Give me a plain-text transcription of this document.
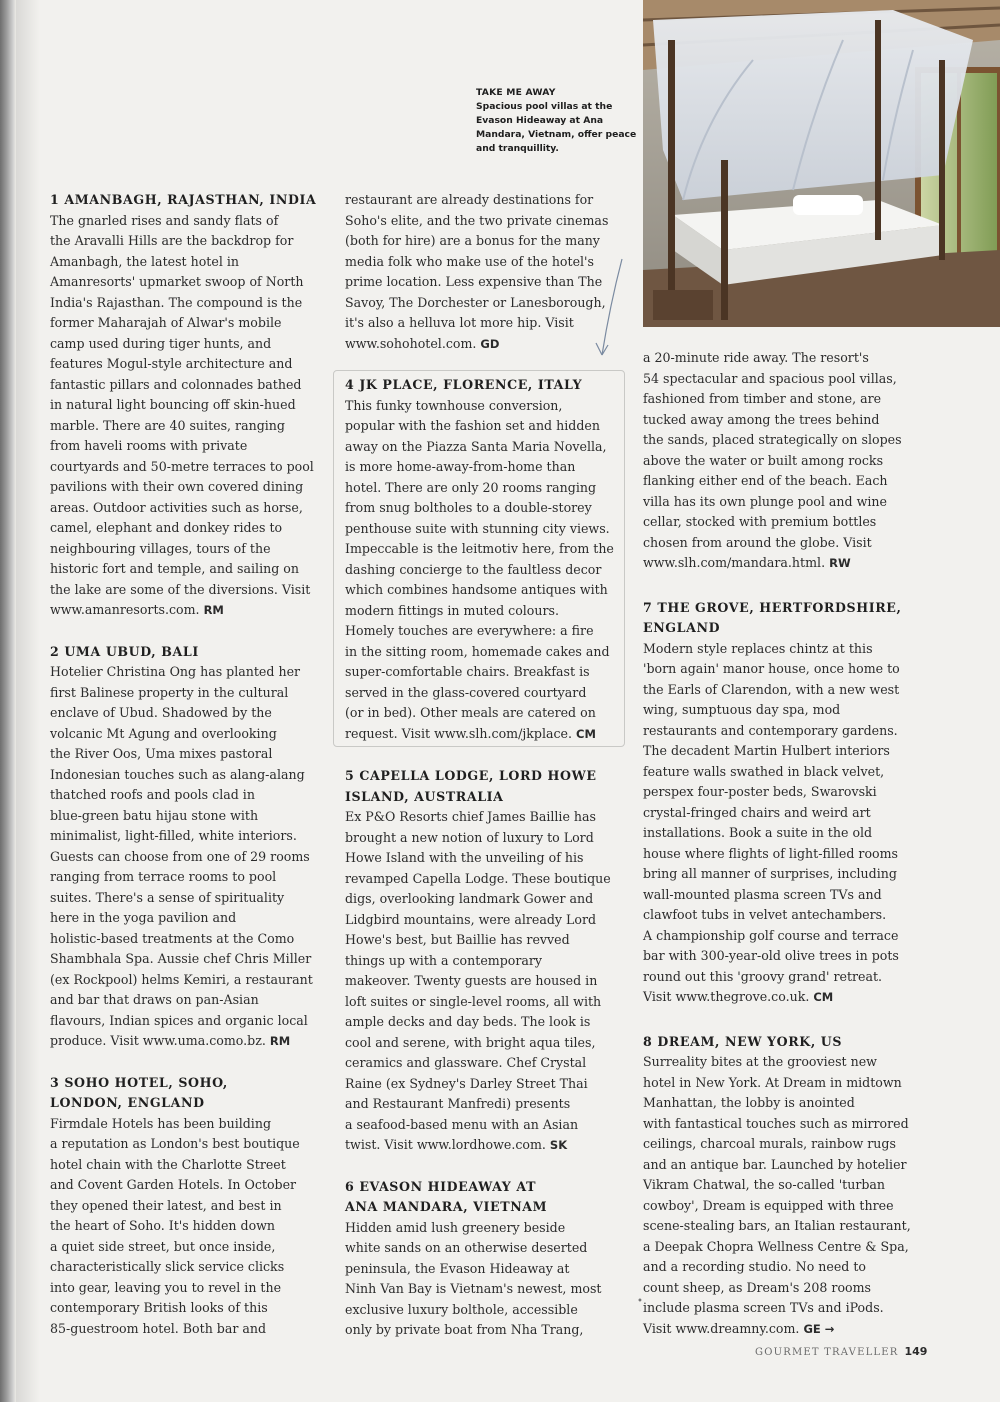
TAKE ME AWAY
Spacious pool villas at the Evason Hideaway at Ana Mandara, Vietnam, offer peace and tranquillity.
1 AMANBAGH, RAJASTHAN, INDIA

The gnarled rises and sandy flats of
the Aravalli Hills are the backdrop for
Amanbagh, the latest hotel in
Amanresorts' upmarket swoop of North
India's Rajasthan. The compound is the
former Maharajah of Alwar's mobile
camp used during tiger hunts, and
features Mogul-style architecture and
fantastic pillars and colonnades bathed
in natural light bouncing off skin-hued
marble. There are 40 suites, ranging
from haveli rooms with private
courtyards and 50-metre terraces to pool
pavilions with their own covered dining
areas. Outdoor activities such as horse,
camel, elephant and donkey rides to
neighbouring villages, tours of the
historic fort and temple, and sailing on
the lake are some of the diversions. Visit
www.amanresorts.com. RM

2 UMA UBUD, BALI

Hotelier Christina Ong has planted her
first Balinese property in the cultural
enclave of Ubud. Shadowed by the
volcanic Mt Agung and overlooking
the River Oos, Uma mixes pastoral
Indonesian touches such as alang-alang
thatched roofs and pools clad in
blue-green batu hijau stone with
minimalist, light-filled, white interiors.
Guests can choose from one of 29 rooms
ranging from terrace rooms to pool
suites. There's a sense of spirituality
here in the yoga pavilion and
holistic-based treatments at the Como
Shambhala Spa. Aussie chef Chris Miller
(ex Rockpool) helms Kemiri, a restaurant
and bar that draws on pan-Asian
flavours, Indian spices and organic local
produce. Visit www.uma.como.bz. RM

3 SOHO HOTEL, SOHO,
LONDON, ENGLAND

Firmdale Hotels has been building
a reputation as London's best boutique
hotel chain with the Charlotte Street
and Covent Garden Hotels. In October
they opened their latest, and best in
the heart of Soho. It's hidden down
a quiet side street, but once inside,
characteristically slick service clicks
into gear, leaving you to revel in the
contemporary British looks of this
85-guestroom hotel. Both bar and

restaurant are already destinations for
Soho's elite, and the two private cinemas
(both for hire) are a bonus for the many
media folk who make use of the hotel's
prime location. Less expensive than The
Savoy, The Dorchester or Lanesborough,
it's also a helluva lot more hip. Visit
www.sohohotel.com. GD

4 JK PLACE, FLORENCE, ITALY

This funky townhouse conversion,
popular with the fashion set and hidden
away on the Piazza Santa Maria Novella,
is more home-away-from-home than
hotel. There are only 20 rooms ranging
from snug boltholes to a double-storey
penthouse suite with stunning city views.
Impeccable is the leitmotiv here, from the
dashing concierge to the faultless decor
which combines handsome antiques with
modern fittings in muted colours.
Homely touches are everywhere: a fire
in the sitting room, homemade cakes and
super-comfortable chairs. Breakfast is
served in the glass-covered courtyard
(or in bed). Other meals are catered on
request. Visit www.slh.com/jkplace. CM

5 CAPELLA LODGE, LORD HOWE
ISLAND, AUSTRALIA

Ex P&O Resorts chief James Baillie has
brought a new notion of luxury to Lord
Howe Island with the unveiling of his
revamped Capella Lodge. These boutique
digs, overlooking landmark Gower and
Lidgbird mountains, were already Lord
Howe's best, but Baillie has revved
things up with a contemporary
makeover. Twenty guests are housed in
loft suites or single-level rooms, all with
ample decks and day beds. The look is
cool and serene, with bright aqua tiles,
ceramics and glassware. Chef Crystal
Raine (ex Sydney's Darley Street Thai
and Restaurant Manfredi) presents
a seafood-based menu with an Asian
twist. Visit www.lordhowe.com. SK

6 EVASON HIDEAWAY AT
ANA MANDARA, VIETNAM

Hidden amid lush greenery beside
white sands on an otherwise deserted
peninsula, the Evason Hideaway at
Ninh Van Bay is Vietnam's newest, most
exclusive luxury bolthole, accessible
only by private boat from Nha Trang,

a 20-minute ride away. The resort's
54 spectacular and spacious pool villas,
fashioned from timber and stone, are
tucked away among the trees behind
the sands, placed strategically on slopes
above the water or built among rocks
flanking either end of the beach. Each
villa has its own plunge pool and wine
cellar, stocked with premium bottles
chosen from around the globe. Visit
www.slh.com/mandara.html. RW

7 THE GROVE, HERTFORDSHIRE,
ENGLAND

Modern style replaces chintz at this
'born again' manor house, once home to
the Earls of Clarendon, with a new west
wing, sumptuous day spa, mod
restaurants and contemporary gardens.
The decadent Martin Hulbert interiors
feature walls swathed in black velvet,
perspex four-poster beds, Swarovski
crystal-fringed chairs and weird art
installations. Book a suite in the old
house where flights of light-filled rooms
bring all manner of surprises, including
wall-mounted plasma screen TVs and
clawfoot tubs in velvet antechambers.
A championship golf course and terrace
bar with 300-year-old olive trees in pots
round out this 'groovy grand' retreat.
Visit www.thegrove.co.uk. CM

8 DREAM, NEW YORK, US

Surreality bites at the grooviest new
hotel in New York. At Dream in midtown
Manhattan, the lobby is anointed
with fantastical touches such as mirrored
ceilings, charcoal murals, rainbow rugs
and an antique bar. Launched by hotelier
Vikram Chatwal, the so-called 'turban
cowboy', Dream is equipped with three
scene-stealing bars, an Italian restaurant,
a Deepak Chopra Wellness Centre & Spa,
and a recording studio. No need to
count sheep, as Dream's 208 rooms
include plasma screen TVs and iPods.
Visit www.dreamny.com. GE →

•
GOURMET TRAVELLER 149
